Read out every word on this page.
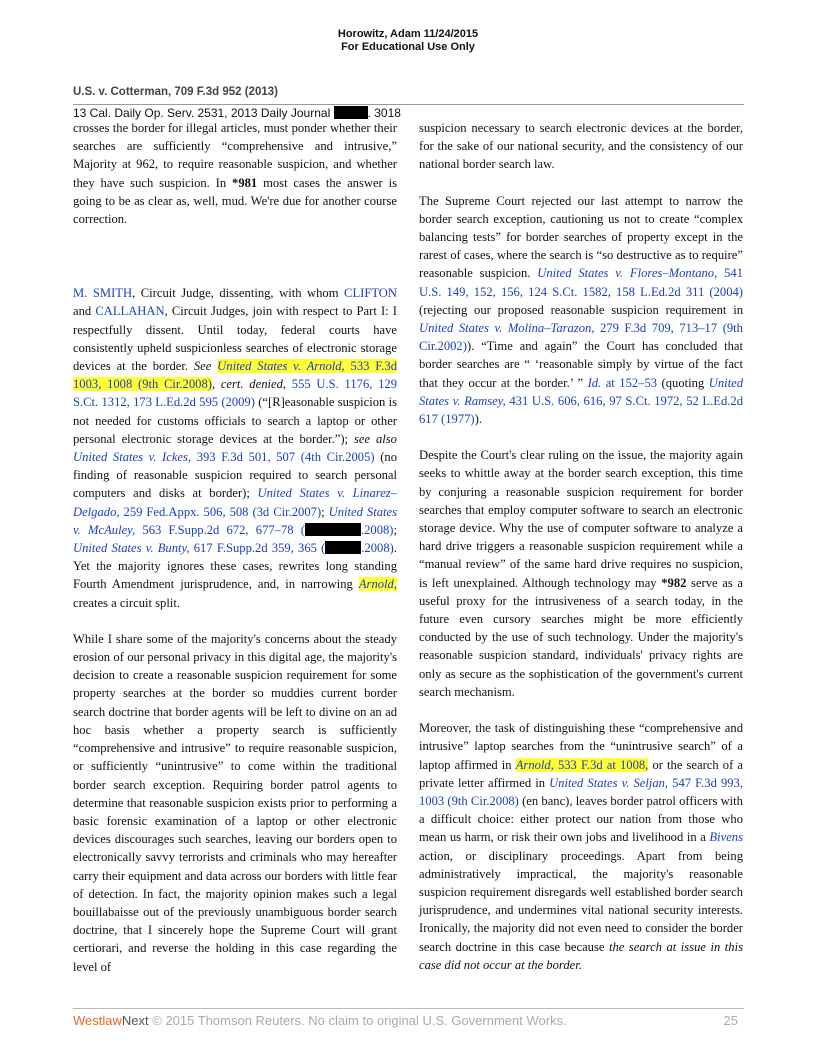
Horowitz, Adam 11/24/2015
For Educational Use Only
U.S. v. Cotterman, 709 F.3d 952 (2013)
13 Cal. Daily Op. Serv. 2531, 2013 Daily Journal	. 3018

crosses the border for illegal articles, must ponder whether their searches are sufficiently “comprehensive and intrusive,” Majority at 962, to require reasonable suspicion, and whether they have such suspicion. In *981 most cases the answer is going to be as clear as, well, mud. We're due for another course correction.

M. SMITH, Circuit Judge, dissenting, with whom CLIFTON and CALLAHAN, Circuit Judges, join with respect to Part I: I respectfully dissent. Until today, federal courts have consistently upheld suspicionless searches of electronic storage devices at the border. See United States v. Arnold, 533 F.3d 1003, 1008 (9th Cir.2008), cert. denied, 555 U.S. 1176, 129 S.Ct. 1312, 173 L.Ed.2d 595 (2009) (“[R]easonable suspicion is not needed for customs officials to search a laptop or other personal electronic storage devices at the border.”); see also United States v. Ickes, 393 F.3d 501, 507 (4th Cir.2005) (no finding of reasonable suspicion required to search personal computers and disks at border); United States v. Linarez–Delgado, 259 Fed.Appx. 506, 508 (3d Cir.2007); United States v. McAuley, 563 F.Supp.2d 672, 677–78 (	.2008); United States v. Bunty, 617 F.Supp.2d 359, 365 (	.2008). Yet the majority ignores these cases, rewrites long standing Fourth Amendment jurisprudence, and, in narrowing Arnold, creates a circuit split.

While I share some of the majority's concerns about the steady erosion of our personal privacy in this digital age, the majority's decision to create a reasonable suspicion requirement for some property searches at the border so muddies current border search doctrine that border agents will be left to divine on an ad hoc basis whether a property search is sufficiently “comprehensive and intrusive” to require reasonable suspicion, or sufficiently “unintrusive” to come within the traditional border search exception. Requiring border patrol agents to determine that reasonable suspicion exists prior to performing a basic forensic examination of a laptop or other electronic devices discourages such searches, leaving our borders open to electronically savvy terrorists and criminals who may hereafter carry their equipment and data across our borders with little fear of detection. In fact, the majority opinion makes such a legal bouillabaisse out of the previously unambiguous border search doctrine, that I sincerely hope the Supreme Court will grant certiorari, and reverse the holding in this case regarding the level of

suspicion necessary to search electronic devices at the border, for the sake of our national security, and the consistency of our national border search law.

The Supreme Court rejected our last attempt to narrow the border search exception, cautioning us not to create “complex balancing tests” for border searches of property except in the rarest of cases, where the search is “so destructive as to require” reasonable suspicion. United States v. Flores–Montano, 541 U.S. 149, 152, 156, 124 S.Ct. 1582, 158 L.Ed.2d 311 (2004) (rejecting our proposed reasonable suspicion requirement in United States v. Molina–Tarazon, 279 F.3d 709, 713–17 (9th Cir.2002)). “Time and again” the Court has concluded that border searches are “ ‘reasonable simply by virtue of the fact that they occur at the border.’ ” Id. at 152–53 (quoting United States v. Ramsey, 431 U.S. 606, 616, 97 S.Ct. 1972, 52 L.Ed.2d 617 (1977)).

Despite the Court's clear ruling on the issue, the majority again seeks to whittle away at the border search exception, this time by conjuring a reasonable suspicion requirement for border searches that employ computer software to search an electronic storage device. Why the use of computer software to analyze a hard drive triggers a reasonable suspicion requirement while a “manual review” of the same hard drive requires no suspicion, is left unexplained. Although technology may *982 serve as a useful proxy for the intrusiveness of a search today, in the future even cursory searches might be more efficiently conducted by the use of such technology. Under the majority's reasonable suspicion standard, individuals' privacy rights are only as secure as the sophistication of the government's current search mechanism.

Moreover, the task of distinguishing these “comprehensive and intrusive” laptop searches from the “unintrusive search” of a laptop affirmed in Arnold, 533 F.3d at 1008, or the search of a private letter affirmed in United States v. Seljan, 547 F.3d 993, 1003 (9th Cir.2008) (en banc), leaves border patrol officers with a difficult choice: either protect our nation from those who mean us harm, or risk their own jobs and livelihood in a Bivens action, or disciplinary proceedings. Apart from being administratively impractical, the majority's reasonable suspicion requirement disregards well established border search jurisprudence, and undermines vital national security interests. Ironically, the majority did not even need to consider the border search doctrine in this case because the search at issue in this case did not occur at the border.

WestlawNext © 2015 Thomson Reuters. No claim to original U.S. Government Works.	25
